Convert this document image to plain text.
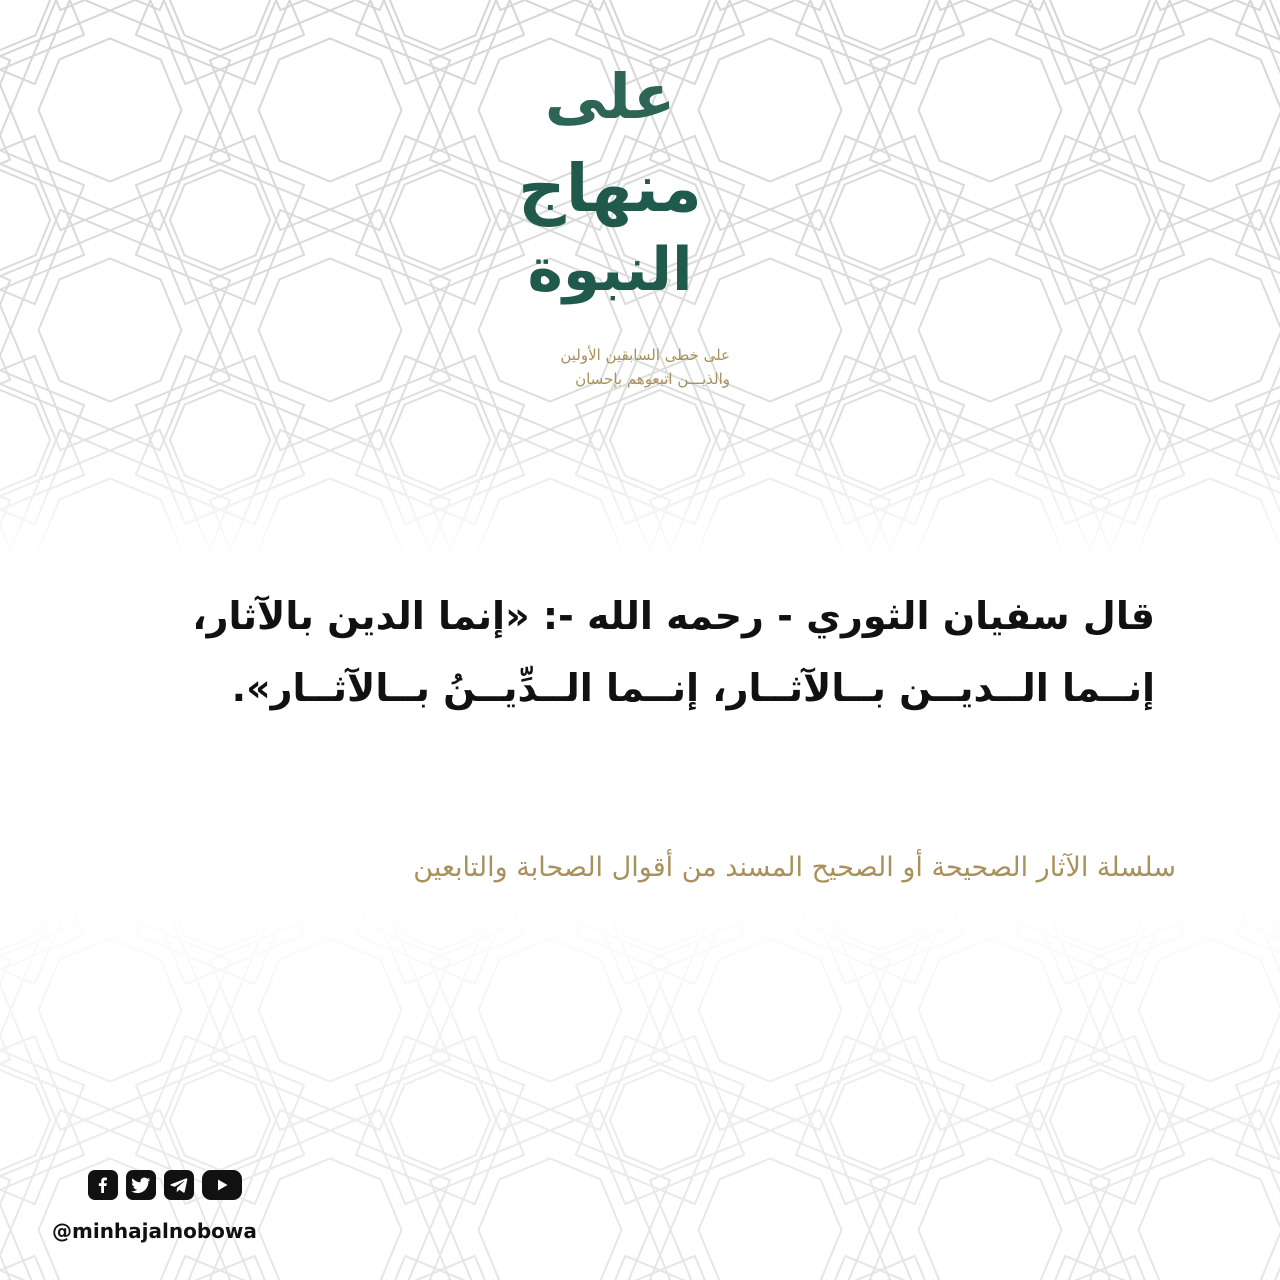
على
منهاج
النبوة
على خطى السابقين الأولين
والذيـــن اتبعوهم بإحسان
قال سفيان الثوري - رحمه الله -: «إنما الدين بالآثار،
إنــما الــديــن بــالآثــار، إنــما الــدِّيــنُ بــالآثــار».
سلسلة الآثار الصحيحة أو الصحيح المسند من أقوال الصحابة والتابعين
@minhajalnobowa
